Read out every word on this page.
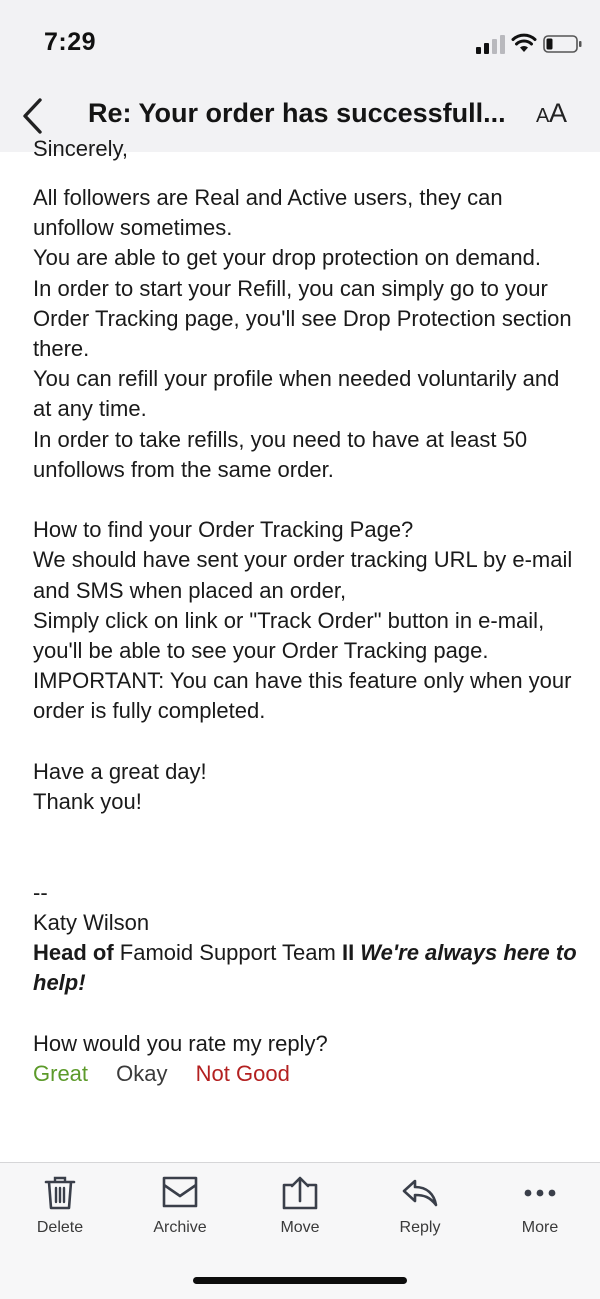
7:29
Re: Your order has successfull... A A
Sincerely,
All followers are Real and Active users, they can unfollow sometimes.
You are able to get your drop protection on demand.
In order to start your Refill, you can simply go to your Order Tracking page, you'll see Drop Protection section there.
You can refill your profile when needed voluntarily and at any time.
In order to take refills, you need to have at least 50 unfollows from the same order.
How to find your Order Tracking Page?
We should have sent your order tracking URL by e-mail and SMS when placed an order,
Simply click on link or "Track Order" button in e-mail, you'll be able to see your Order Tracking page.
IMPORTANT: You can have this feature only when your order is fully completed.
Have a great day!
Thank you!
--
Katy Wilson
Head of Famoid Support Team II We're always here to help!
How would you rate my reply?
Great Okay Not Good
Delete	Archive	Move	Reply	More
